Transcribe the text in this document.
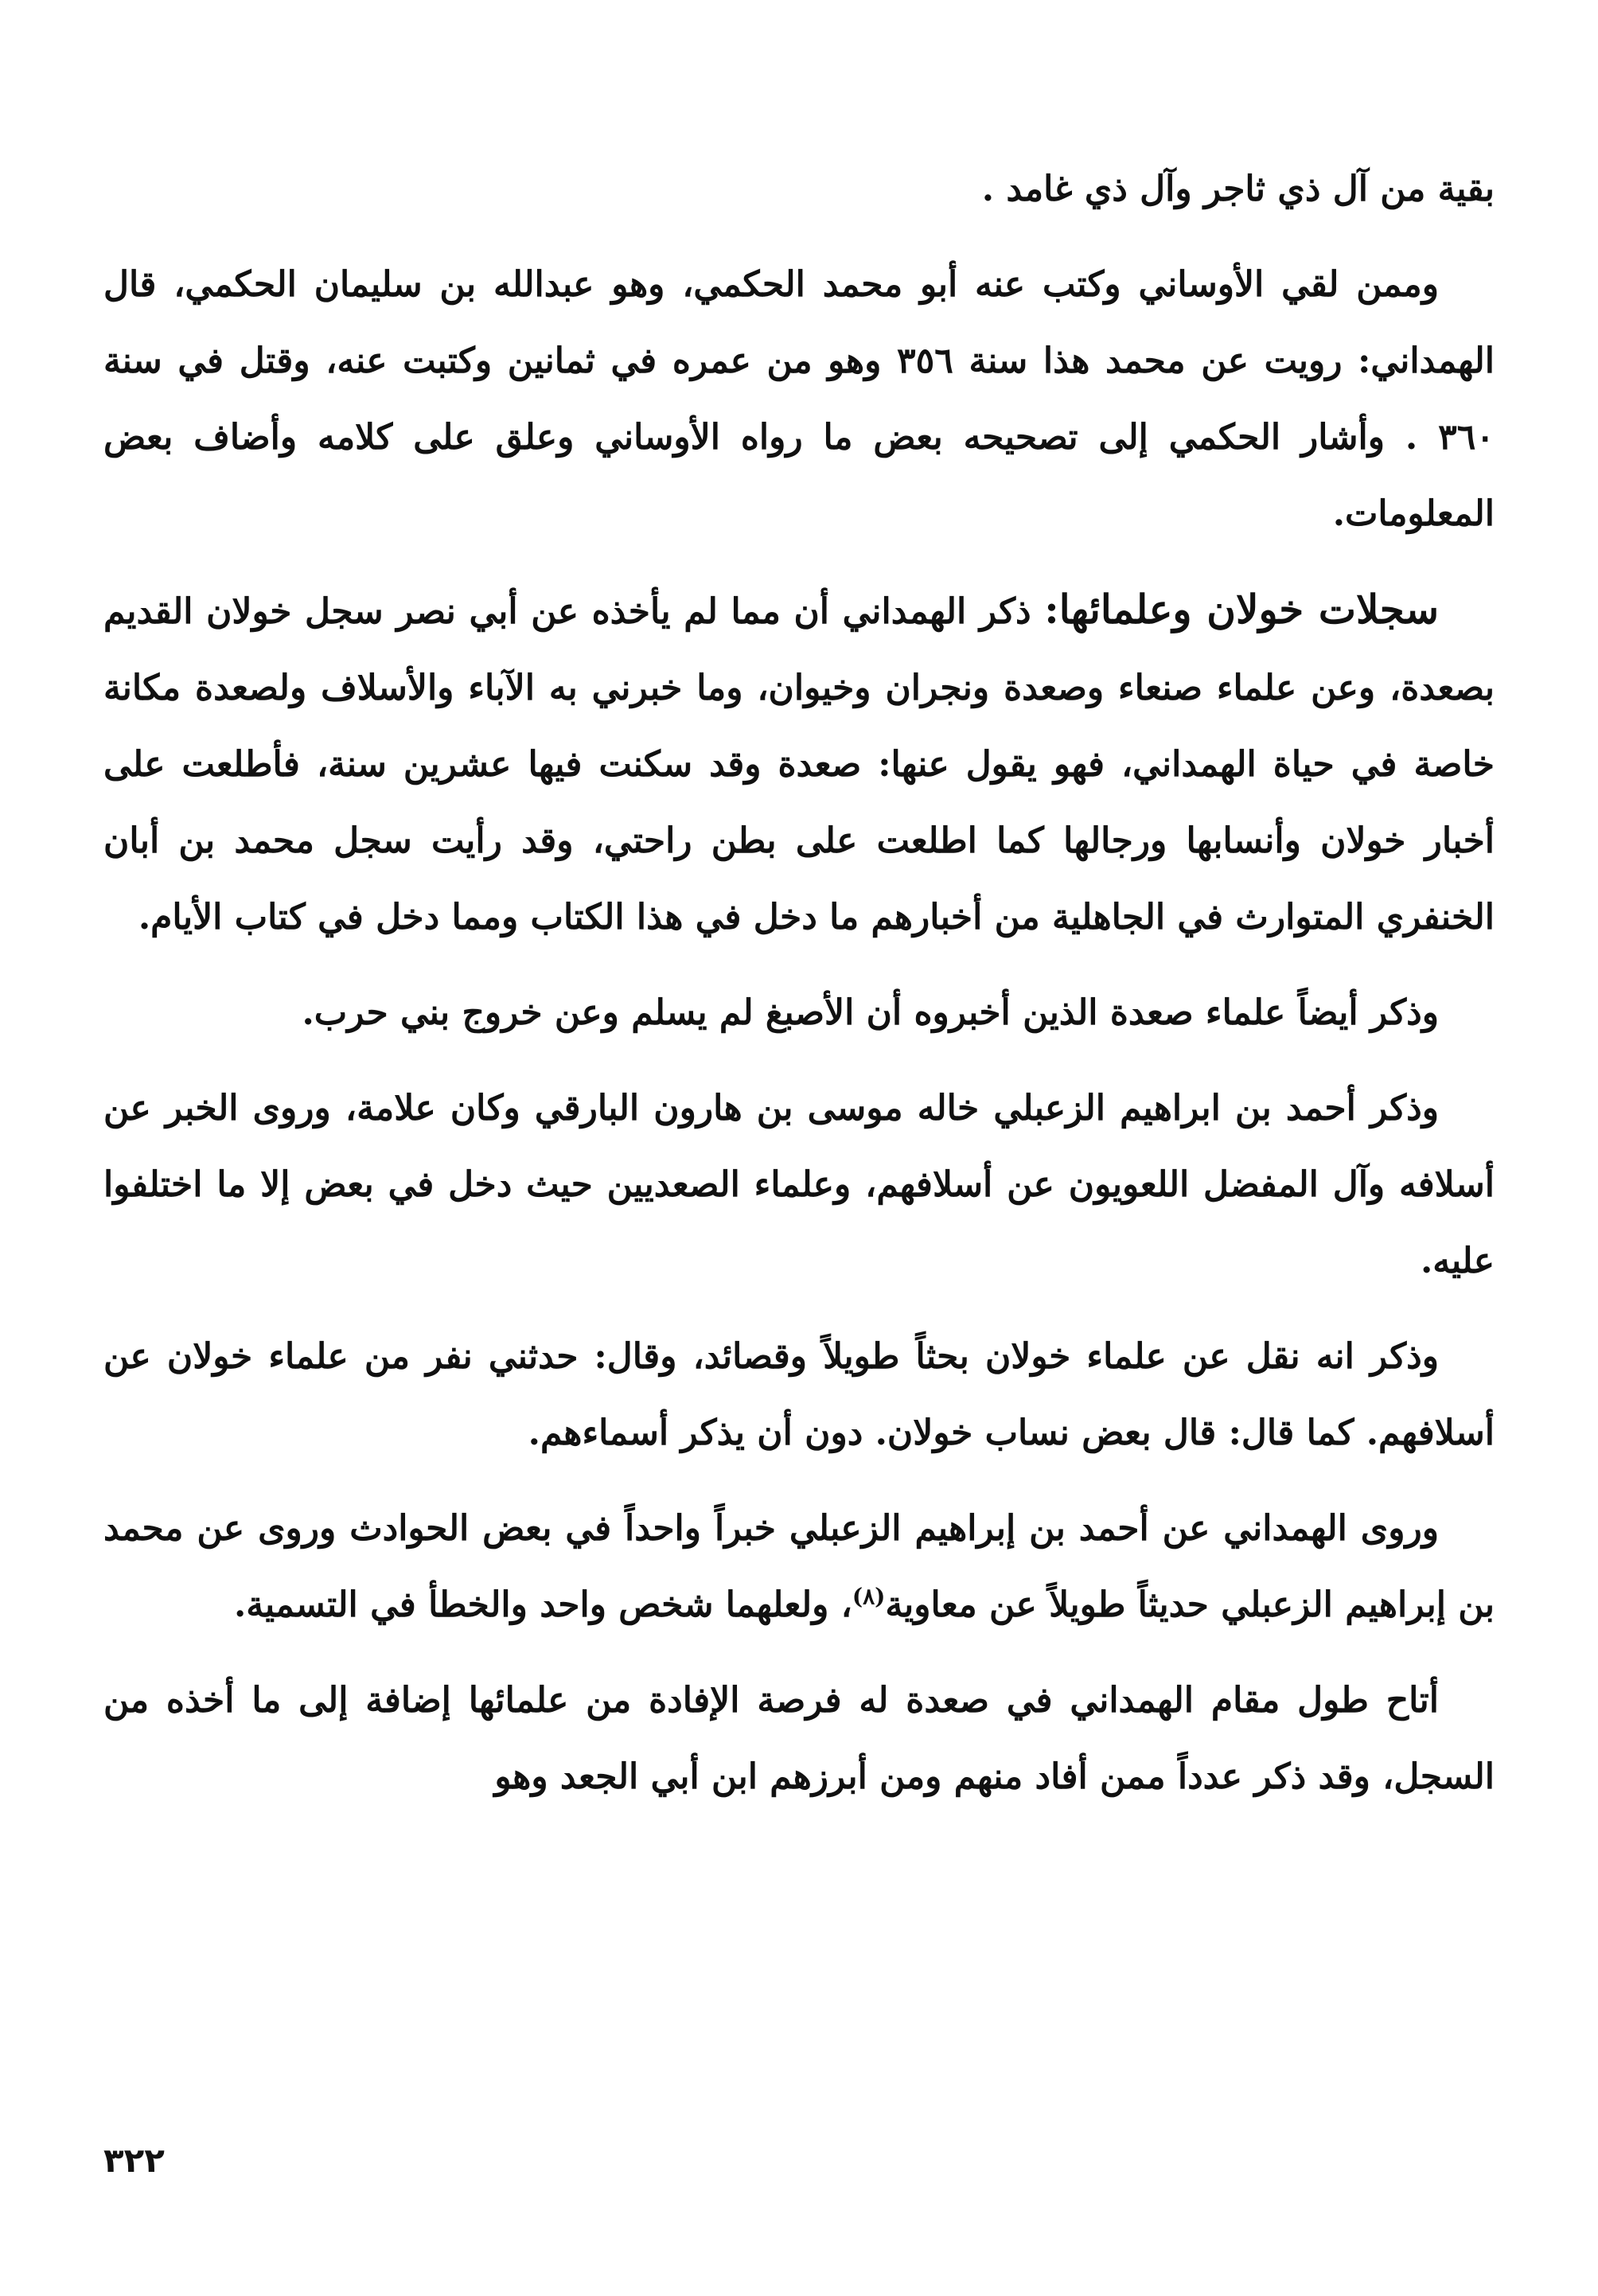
بقية من آل ذي ثاجر وآل ذي غامد .

وممن لقي الأوساني وكتب عنه أبو محمد الحكمي، وهو عبدالله بن سليمان الحكمي، قال الهمداني: رويت عن محمد هذا سنة ٣٥٦ وهو من عمره في ثمانين وكتبت عنه، وقتل في سنة ٣٦٠ . وأشار الحكمي إلى تصحيحه بعض ما رواه الأوساني وعلق على كلامه وأضاف بعض المعلومات.

سجلات خولان وعلمائها: ذكر الهمداني أن مما لم يأخذه عن أبي نصر سجل خولان القديم بصعدة، وعن علماء صنعاء وصعدة ونجران وخيوان، وما خبرني به الآباء والأسلاف ولصعدة مكانة خاصة في حياة الهمداني، فهو يقول عنها: صعدة وقد سكنت فيها عشرين سنة، فأطلعت على أخبار خولان وأنسابها ورجالها كما اطلعت على بطن راحتي، وقد رأيت سجل محمد بن أبان الخنفري المتوارث في الجاهلية من أخبارهم ما دخل في هذا الكتاب ومما دخل في كتاب الأيام.

وذكر أيضاً علماء صعدة الذين أخبروه أن الأصبغ لم يسلم وعن خروج بني حرب.

وذكر أحمد بن ابراهيم الزعبلي خاله موسى بن هارون البارقي وكان علامة، وروى الخبر عن أسلافه وآل المفضل اللعويون عن أسلافهم، وعلماء الصعديين حيث دخل في بعض إلا ما اختلفوا عليه.

وذكر انه نقل عن علماء خولان بحثاً طويلاً وقصائد، وقال: حدثني نفر من علماء خولان عن أسلافهم. كما قال: قال بعض نساب خولان. دون أن يذكر أسماءهم.

وروى الهمداني عن أحمد بن إبراهيم الزعبلي خبراً واحداً في بعض الحوادث وروى عن محمد بن إبراهيم الزعبلي حديثاً طويلاً عن معاوية$^{(٨)}$، ولعلهما شخص واحد والخطأ في التسمية.

أتاح طول مقام الهمداني في صعدة له فرصة الإفادة من علمائها إضافة إلى ما أخذه من السجل، وقد ذكر عدداً ممن أفاد منهم ومن أبرزهم ابن أبي الجعد وهو

٣٢٢
